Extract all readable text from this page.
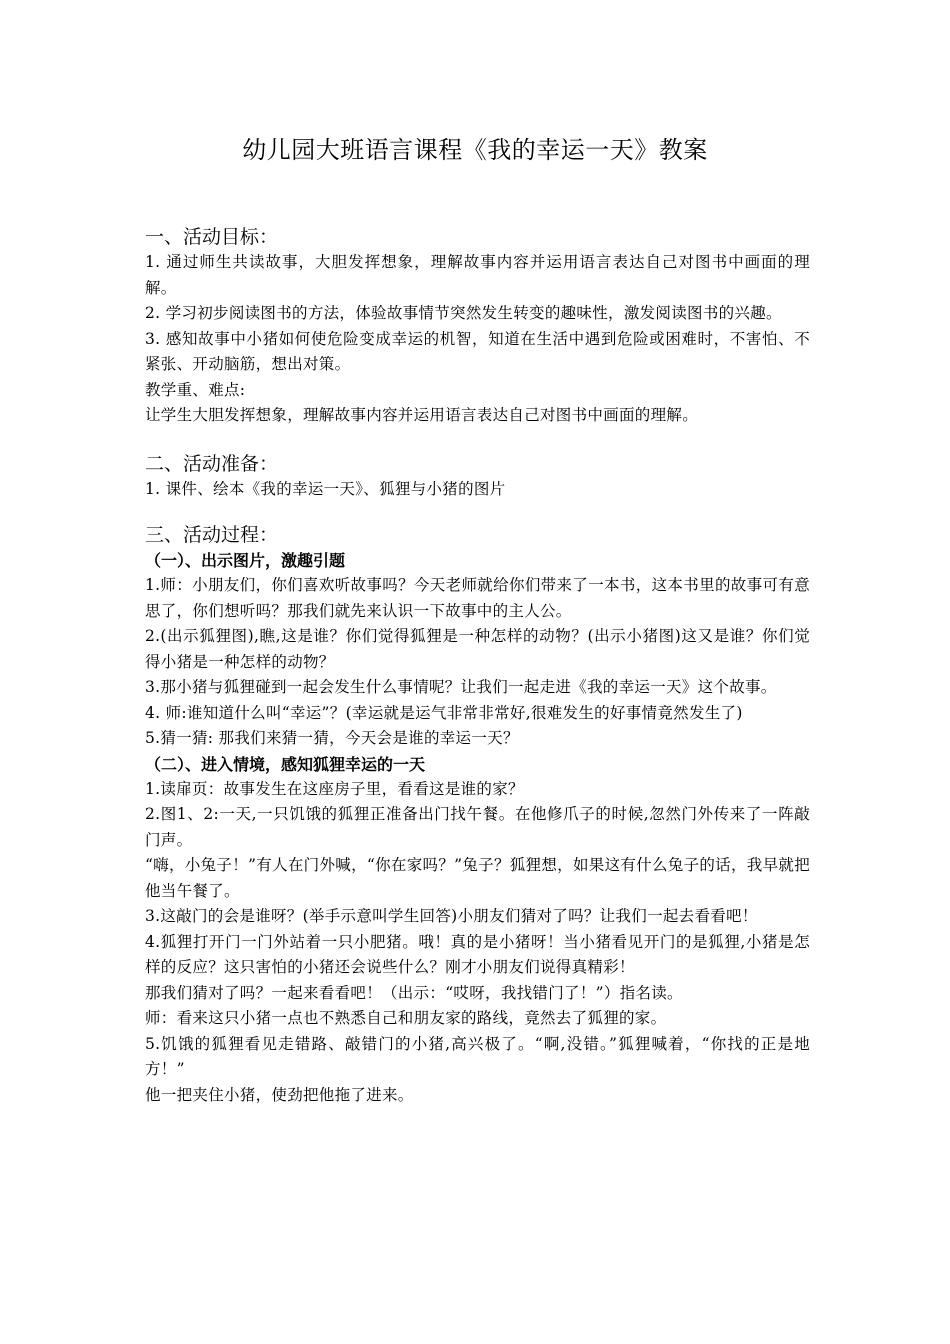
幼儿园大班语言课程《我的幸运一天》教案

一、活动目标：

1. 通过师生共读故事，大胆发挥想象，理解故事内容并运用语言表达自己对图书中画面的理解。

2. 学习初步阅读图书的方法，体验故事情节突然发生转变的趣味性，激发阅读图书的兴趣。

3. 感知故事中小猪如何使危险变成幸运的机智，知道在生活中遇到危险或困难时，不害怕、不紧张、开动脑筋，想出对策。

教学重、难点:

让学生大胆发挥想象，理解故事内容并运用语言表达自己对图书中画面的理解。

二、活动准备：

1. 课件、绘本《我的幸运一天》、狐狸与小猪的图片

三、活动过程：

（一）、出示图片，激趣引题

1.师：小朋友们，你们喜欢听故事吗？今天老师就给你们带来了一本书，这本书里的故事可有意思了，你们想听吗？那我们就先来认识一下故事中的主人公。

2.(出示狐狸图),瞧,这是谁？你们觉得狐狸是一种怎样的动物？(出示小猪图)这又是谁？你们觉得小猪是一种怎样的动物？

3.那小猪与狐狸碰到一起会发生什么事情呢？让我们一起走进《我的幸运一天》这个故事。

4. 师:谁知道什么叫“幸运”？(幸运就是运气非常非常好,很难发生的好事情竟然发生了)

5.猜一猜: 那我们来猜一猜，今天会是谁的幸运一天？

（二）、进入情境，感知狐狸幸运的一天

1.读扉页：故事发生在这座房子里，看看这是谁的家？

2.图1、2:一天,一只饥饿的狐狸正准备出门找午餐。在他修爪子的时候,忽然门外传来了一阵敲门声。

“嗨，小兔子！”有人在门外喊，“你在家吗？”兔子？狐狸想，如果这有什么兔子的话，我早就把他当午餐了。

3.这敲门的会是谁呀？(举手示意叫学生回答)小朋友们猜对了吗？让我们一起去看看吧！

4.狐狸打开门一门外站着一只小肥猪。哦！真的是小猪呀！当小猪看见开门的是狐狸,小猪是怎样的反应？这只害怕的小猪还会说些什么？刚才小朋友们说得真精彩！

那我们猜对了吗？一起来看看吧！（出示：“哎呀，我找错门了！”）指名读。

师：看来这只小猪一点也不熟悉自己和朋友家的路线，竟然去了狐狸的家。

5.饥饿的狐狸看见走错路、敲错门的小猪,高兴极了。“啊,没错。”狐狸喊着，“你找的正是地方！”

他一把夹住小猪，使劲把他拖了进来。
